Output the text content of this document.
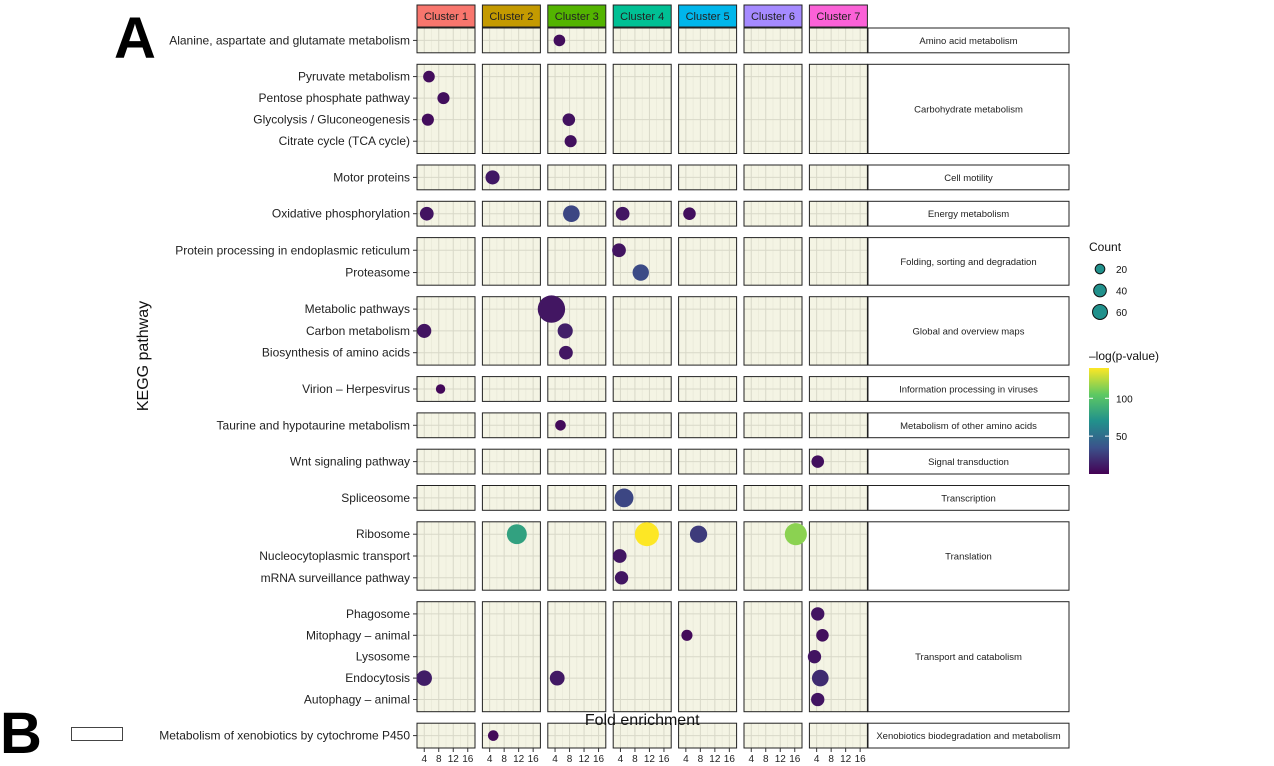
Cluster 1 Cluster 2 Cluster 3 Cluster 4 Cluster 5 Cluster 6 Cluster 7
Amino acid metabolism
Alanine, aspartate and glutamate metabolism
Carbohydrate metabolism
Pyruvate metabolism
Pentose phosphate pathway
Glycolysis / Gluconeogenesis
Citrate cycle (TCA cycle)
Cell motility
Motor proteins
Energy metabolism
Oxidative phosphorylation
Folding, sorting and degradation
Protein processing in endoplasmic reticulum
Proteasome
Global and overview maps
Metabolic pathways
Carbon metabolism
Biosynthesis of amino acids
Information processing in viruses
Virion – Herpesvirus
Metabolism of other amino acids
Taurine and hypotaurine metabolism
Signal transduction
Wnt signaling pathway
Transcription
Spliceosome
Translation
Ribosome
Nucleocytoplasmic transport
mRNA surveillance pathway
Transport and catabolism
Phagosome
Mitophagy – animal
Lysosome
Endocytosis
Autophagy – animal
Xenobiotics biodegradation and metabolism
Metabolism of xenobiotics by cytochrome P450
4 8 12 16 4 8 12 16 4 8 12 16 4 8 12 16 4 8 12 16 4 8 12 16 4 8 12 16
Fold enrichment
KEGG pathway
Count
20
40
60
–log(p-value)
50
100
A
B
